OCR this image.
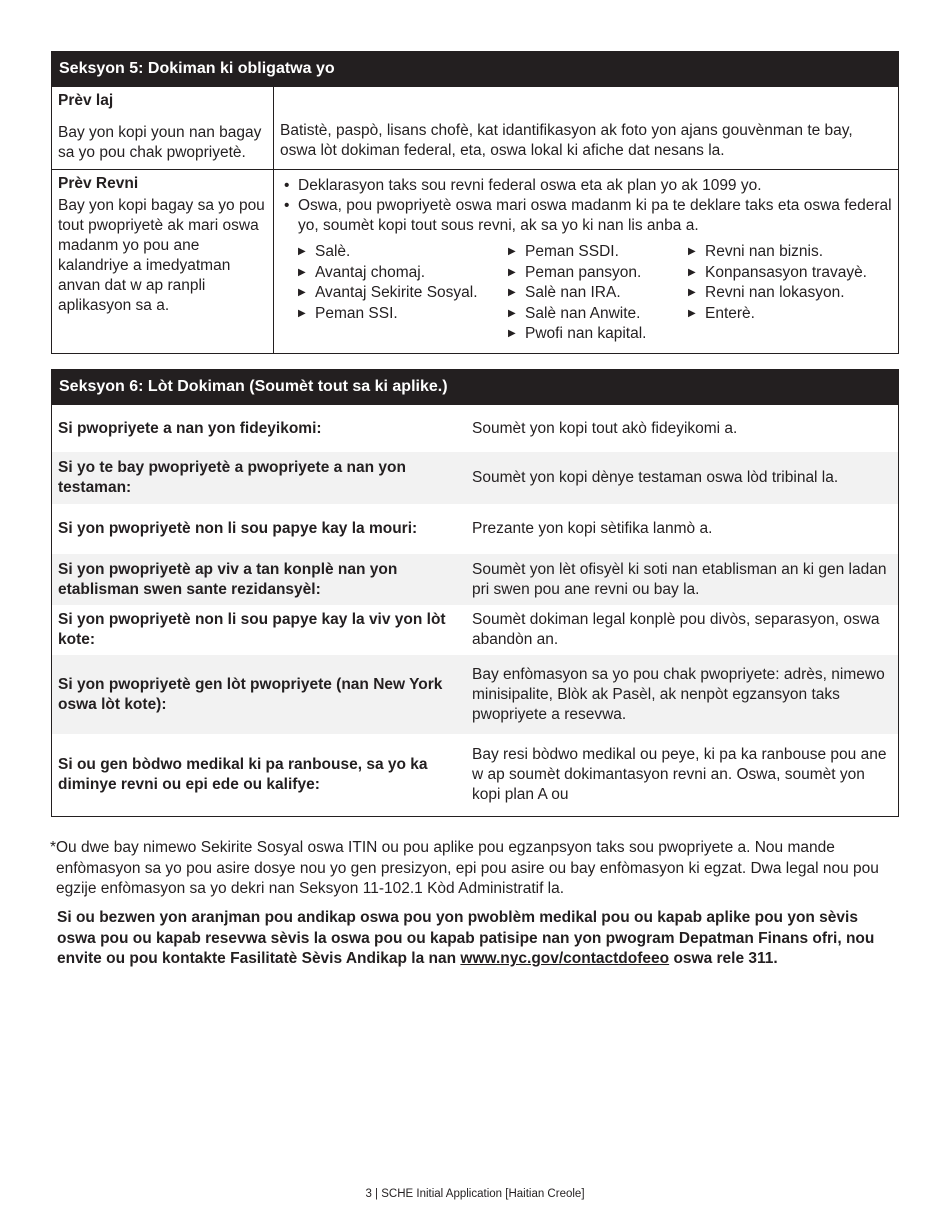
Seksyon 5: Dokiman ki obligatwa yo
Prèv laj
Bay yon kopi youn nan bagay sa yo pou chak pwopriyetè.
Batistè, paspò, lisans chofè, kat idantifikasyon ak foto yon ajans gouvènman te bay, oswa lòt dokiman federal, eta, oswa lokal ki afiche dat nesans la.
Prèv Revni
Bay yon kopi bagay sa yo pou tout pwopriyetè ak mari oswa madanm yo pou ane kalandriye a imedyatman anvan dat w ap ranpli aplikasyon sa a.
• Deklarasyon taks sou revni federal oswa eta ak plan yo ak 1099 yo.
• Oswa, pou pwopriyetè oswa mari oswa madanm ki pa te deklare taks eta oswa federal yo, soumèt kopi tout sous revni, ak sa yo ki nan lis anba a.
▶ Salè.
▶ Avantaj chomaj.
▶ Avantaj Sekirite Sosyal.
▶ Peman SSI.
▶ Peman SSDI.
▶ Peman pansyon.
▶ Salè nan IRA.
▶ Salè nan Anwite.
▶ Pwofi nan kapital.
▶ Revni nan biznis.
▶ Konpansasyon travayè.
▶ Revni nan lokasyon.
▶ Enterè.
Seksyon 6: Lòt Dokiman (Soumèt tout sa ki aplike.)
Si pwopriyete a nan yon fideyikomi:	Soumèt yon kopi tout akò fideyikomi a.
Si yo te bay pwopriyetè a pwopriyete a nan yon testaman:
Soumèt yon kopi dènye testaman oswa lòd tribinal la.
Si yon pwopriyetè non li sou papye kay la mouri:	Prezante yon kopi sètifika lanmò a.
Si yon pwopriyetè ap viv a tan konplè nan yon etablisman swen sante rezidansyèl:
Soumèt yon lèt ofisyèl ki soti nan etablisman an ki gen ladan pri swen pou ane revni ou bay la.
Si yon pwopriyetè non li sou papye kay la viv yon lòt kote:
Soumèt dokiman legal konplè pou divòs, separasyon, oswa abandòn an.
Si yon pwopriyetè gen lòt pwopriyete (nan New York oswa lòt kote):
Bay enfòmasyon sa yo pou chak pwopriyete: adrès, nimewo minisipalite, Blòk ak Pasèl, ak nenpòt egzansyon taks pwopriyete a resevwa.
Si ou gen bòdwo medikal ki pa ranbouse, sa yo ka diminye revni ou epi ede ou kalifye:
Bay resi bòdwo medikal ou peye, ki pa ka ranbouse pou ane w ap soumèt dokimantasyon revni an. Oswa, soumèt yon kopi plan A ou
* Ou dwe bay nimewo Sekirite Sosyal oswa ITIN ou pou aplike pou egzanpsyon taks sou pwopriyete a. Nou mande enfòmasyon sa yo pou asire dosye nou yo gen presizyon, epi pou asire ou bay enfòmasyon ki egzat. Dwa legal nou pou egzije enfòmasyon sa yo dekri nan Seksyon 11-102.1 Kòd Administratif la.
Si ou bezwen yon aranjman pou andikap oswa pou yon pwoblèm medikal pou ou kapab aplike pou yon sèvis oswa pou ou kapab resevwa sèvis la oswa pou ou kapab patisipe nan yon pwogram Depatman Finans ofri, nou envite ou pou kontakte Fasilitatè Sèvis Andikap la nan www.nyc.gov/contactdofeeo oswa rele 311.
3 | SCHE Initial Application [Haitian Creole]
